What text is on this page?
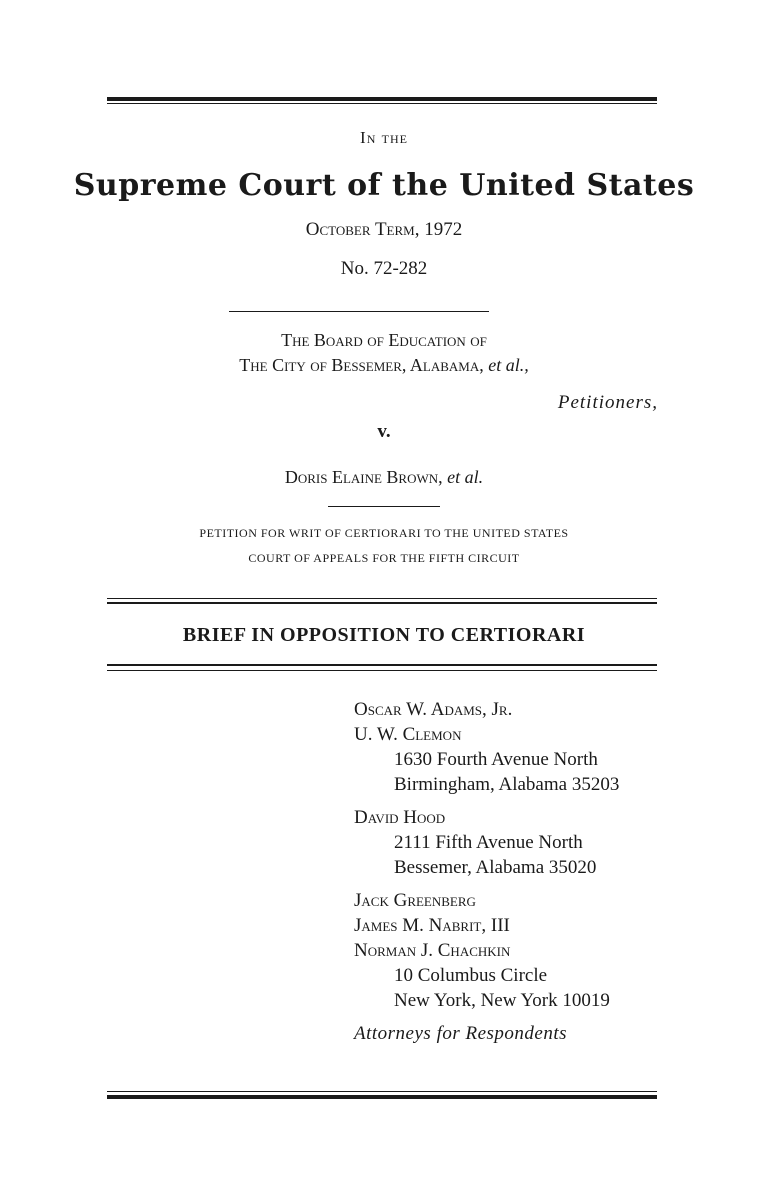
In the
Supreme Court of the United States
October Term, 1972
No. 72-282
The Board of Education of
The City of Bessemer, Alabama, et al.,
Petitioners,
v.
Doris Elaine Brown, et al.
PETITION FOR WRIT OF CERTIORARI TO THE UNITED STATES
COURT OF APPEALS FOR THE FIFTH CIRCUIT
BRIEF IN OPPOSITION TO CERTIORARI
Oscar W. Adams, Jr.
U. W. Clemon
1630 Fourth Avenue North
Birmingham, Alabama 35203
David Hood
2111 Fifth Avenue North
Bessemer, Alabama 35020
Jack Greenberg
James M. Nabrit, III
Norman J. Chachkin
10 Columbus Circle
New York, New York 10019
Attorneys for Respondents
